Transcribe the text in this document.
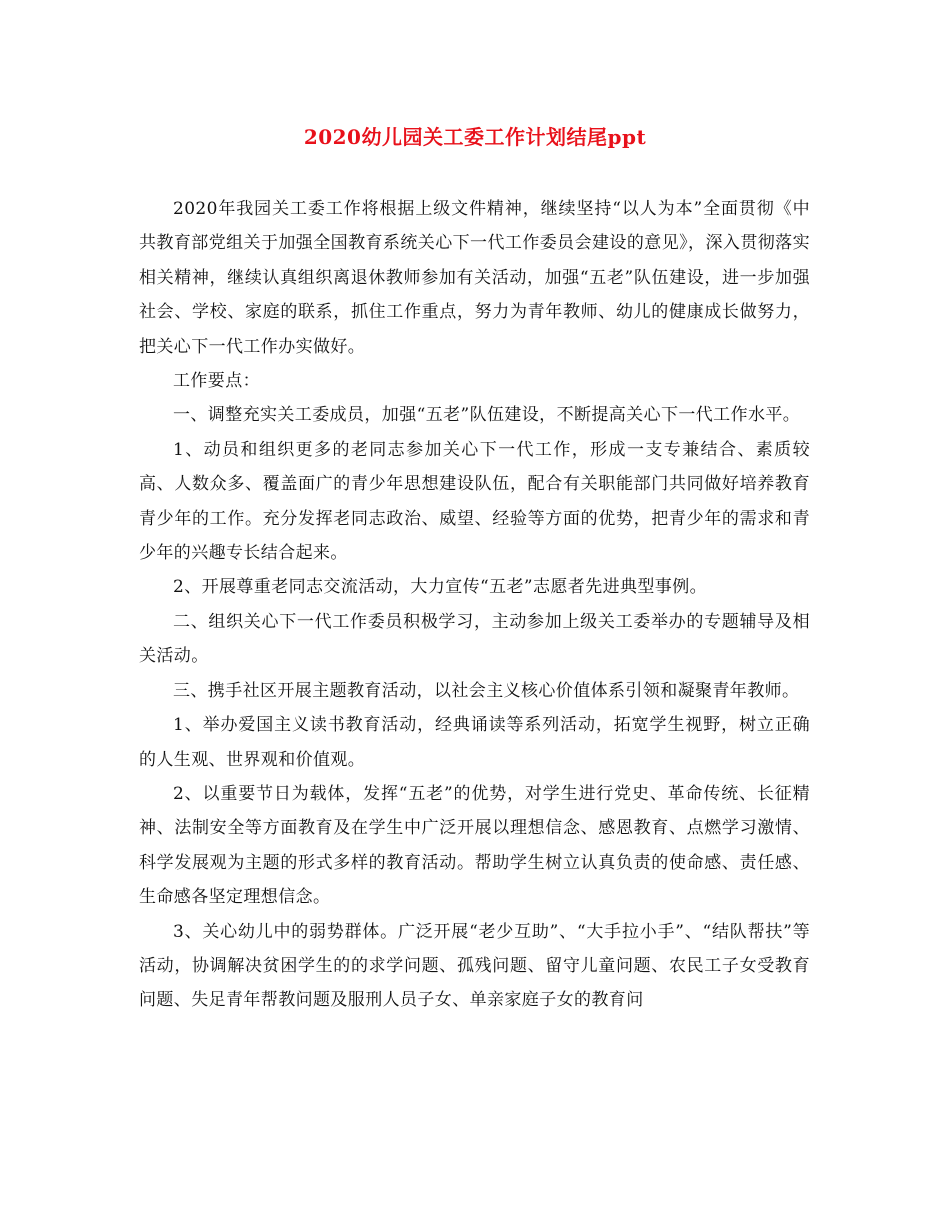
2020幼儿园关工委工作计划结尾ppt

2020年我园关工委工作将根据上级文件精神，继续坚持“以人为本”全面贯彻《中共教育部党组关于加强全国教育系统关心下一代工作委员会建设的意见》，深入贯彻落实相关精神，继续认真组织离退休教师参加有关活动，加强“五老”队伍建设，进一步加强社会、学校、家庭的联系，抓住工作重点，努力为青年教师、幼儿的健康成长做努力，把关心下一代工作办实做好。

工作要点：

一、调整充实关工委成员，加强“五老”队伍建设，不断提高关心下一代工作水平。

1、动员和组织更多的老同志参加关心下一代工作，形成一支专兼结合、素质较高、人数众多、覆盖面广的青少年思想建设队伍，配合有关职能部门共同做好培养教育青少年的工作。充分发挥老同志政治、威望、经验等方面的优势，把青少年的需求和青少年的兴趣专长结合起来。

2、开展尊重老同志交流活动，大力宣传“五老”志愿者先进典型事例。

二、组织关心下一代工作委员积极学习，主动参加上级关工委举办的专题辅导及相关活动。

三、携手社区开展主题教育活动，以社会主义核心价值体系引领和凝聚青年教师。

1、举办爱国主义读书教育活动，经典诵读等系列活动，拓宽学生视野，树立正确的人生观、世界观和价值观。

2、以重要节日为载体，发挥“五老”的优势，对学生进行党史、革命传统、长征精神、法制安全等方面教育及在学生中广泛开展以理想信念、感恩教育、点燃学习激情、科学发展观为主题的形式多样的教育活动。帮助学生树立认真负责的使命感、责任感、生命感各坚定理想信念。

3、关心幼儿中的弱势群体。广泛开展“老少互助”、“大手拉小手”、“结队帮扶”等活动，协调解决贫困学生的的求学问题、孤残问题、留守儿童问题、农民工子女受教育问题、失足青年帮教问题及服刑人员子女、单亲家庭子女的教育问
